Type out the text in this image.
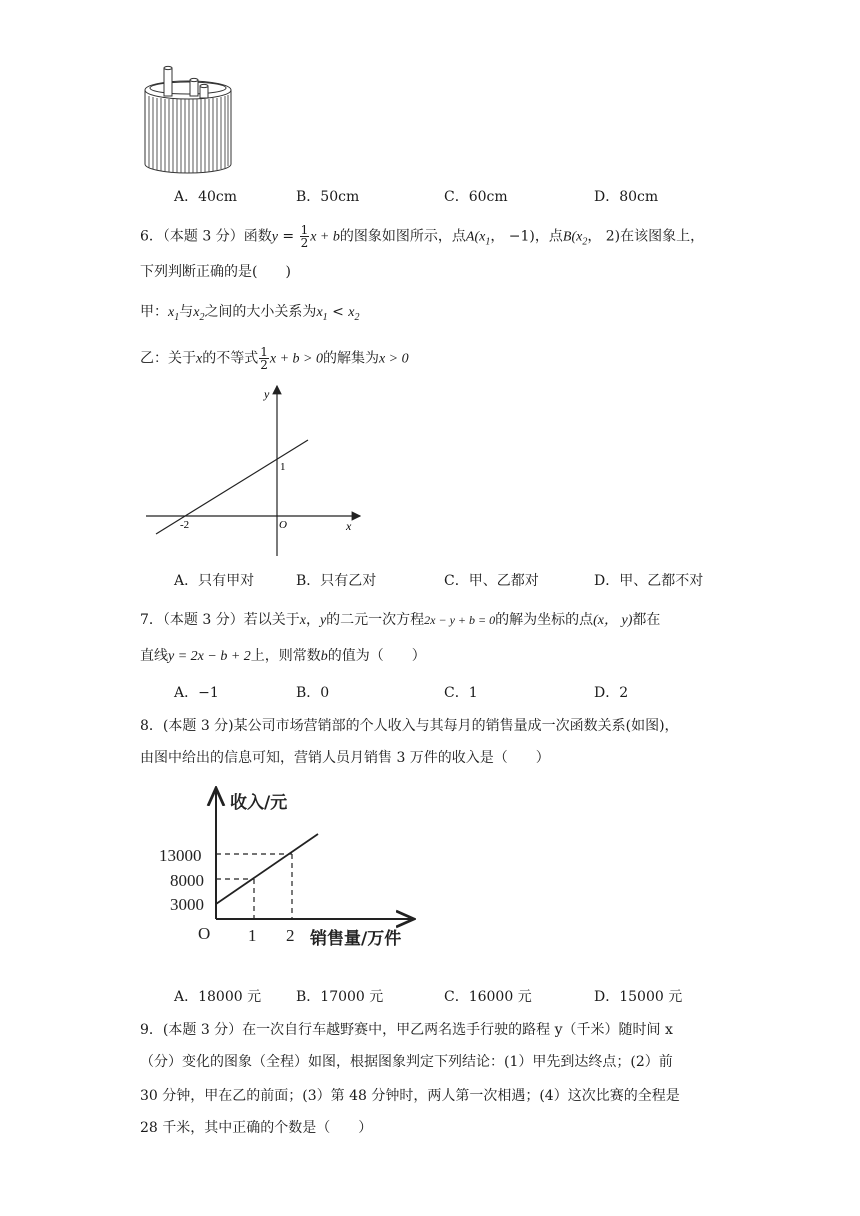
A．40cm	B．50cm	C．60cm	D．80cm
6．（本题 3 分）函数$y = \frac{1}{2}$ x + b的图象如图所示，点$A(x_1$， −1)，点$B(x_2$， 2)在该图象上，
下列判断正确的是(　　)
甲：$x_1$与$x_2$之间的大小关系为$x_1 < x_2$
乙：关于x的不等式 $\frac{1}{2}$ x + b > 0的解集为x > 0
y
x
O
-2
1
A．只有甲对	B．只有乙对	C．甲、乙都对	D．甲、乙都不对
7．（本题 3 分）若以关于x，y的二元一次方程2x − y + b = 0的解为坐标的点(x， y)都在
直线y = 2x − b + 2上，则常数b的值为（　　）
A．−1	B．0	C．1	D．2
8．(本题 3 分)某公司市场营销部的个人收入与其每月的销售量成一次函数关系(如图)，
由图中给出的信息可知，营销人员月销售 3 万件的收入是（　　）
收入/元
销售量/万件
13000
8000
3000
O 1 2
A．18000 元 B．17000 元	C．16000 元	D．15000 元
9．(本题 3 分）在一次自行车越野赛中，甲乙两名选手行驶的路程 y（千米）随时间 x
（分）变化的图象（全程）如图，根据图象判定下列结论：(1）甲先到达终点；(2）前
30 分钟，甲在乙的前面；(3）第 48 分钟时，两人第一次相遇；(4）这次比赛的全程是
28 千米，其中正确的个数是（　　）
